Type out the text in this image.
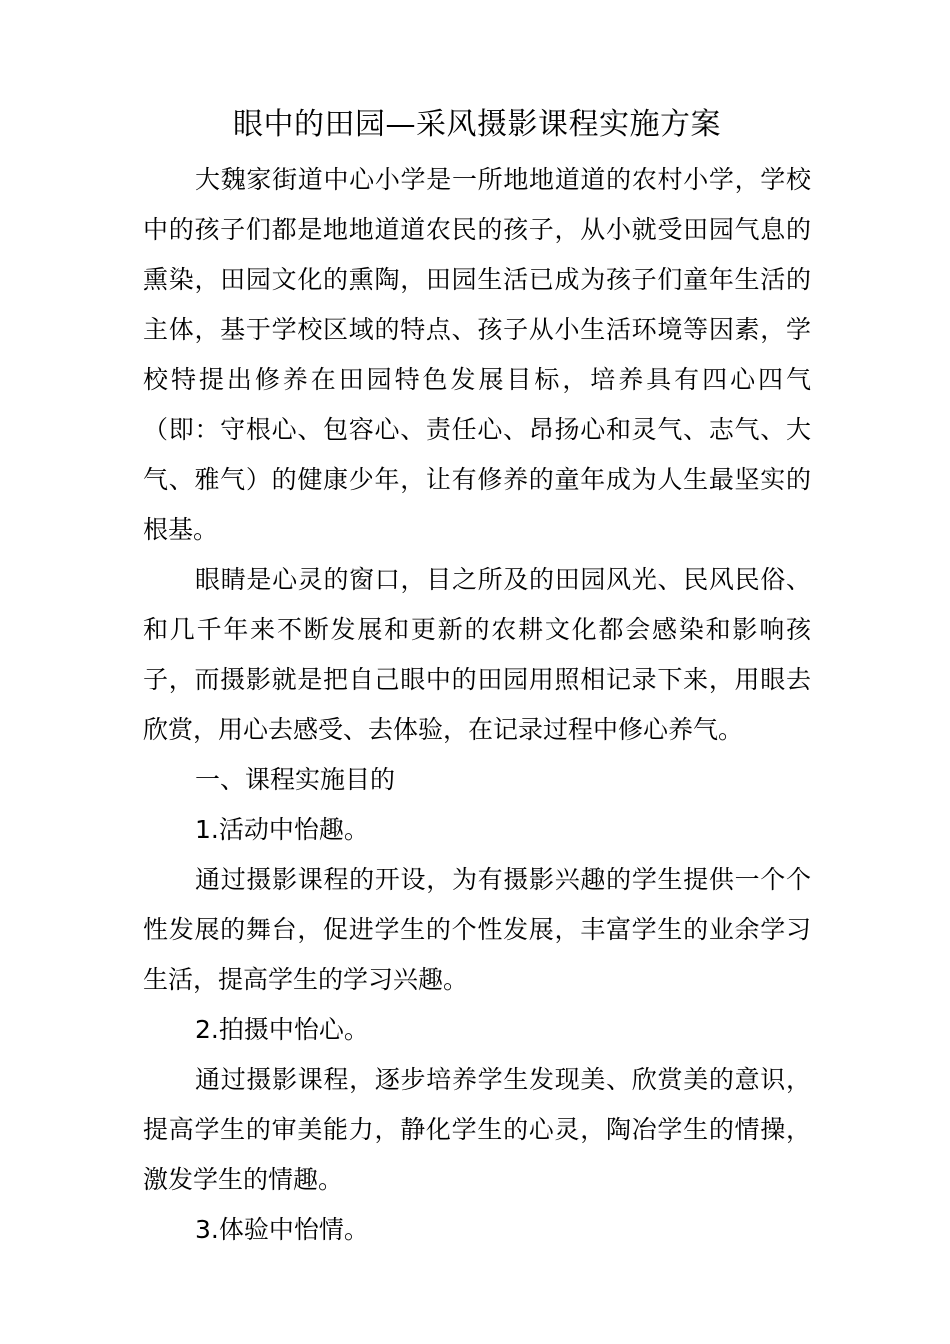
眼中的田园—采风摄影课程实施方案

大魏家街道中心小学是一所地地道道的农村小学，学校中的孩子们都是地地道道农民的孩子，从小就受田园气息的熏染，田园文化的熏陶，田园生活已成为孩子们童年生活的主体，基于学校区域的特点、孩子从小生活环境等因素，学校特提出修养在田园特色发展目标，培养具有四心四气（即：守根心、包容心、责任心、昂扬心和灵气、志气、大气、雅气）的健康少年，让有修养的童年成为人生最坚实的根基。

眼睛是心灵的窗口，目之所及的田园风光、民风民俗、和几千年来不断发展和更新的农耕文化都会感染和影响孩子，而摄影就是把自己眼中的田园用照相记录下来，用眼去欣赏，用心去感受、去体验，在记录过程中修心养气。

一、课程实施目的

1.活动中怡趣。

通过摄影课程的开设，为有摄影兴趣的学生提供一个个性发展的舞台，促进学生的个性发展，丰富学生的业余学习生活，提高学生的学习兴趣。

2.拍摄中怡心。

通过摄影课程，逐步培养学生发现美、欣赏美的意识，提高学生的审美能力，静化学生的心灵，陶冶学生的情操，激发学生的情趣。

3.体验中怡情。
